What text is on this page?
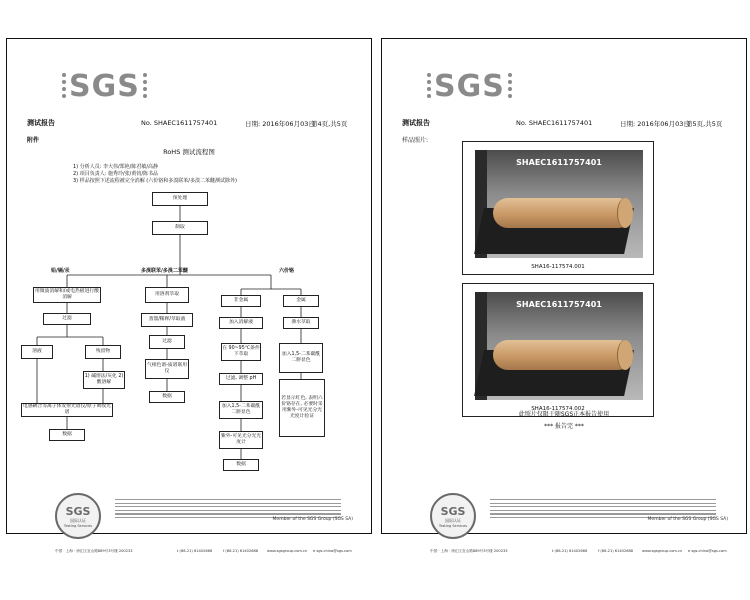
SGS
测试报告	No. SHAEC1611757401	日期: 2016年06月03日
第4页,共5页
附件
RoHS 测试流程图
1) 分析人员: 李大伟/郑艳/陈君敏/高静
2) 项目负责人: 施秀玲/张/黄钧/陈书品
3) 样品按照下述流程被完全消解 (六价铬和多溴联苯/多溴二苯醚测试除外)
预处理
制取
铅/镉/汞	多溴联苯/多溴二苯醚	六价铬
用微波消解和/或电热板进行酸消解
过滤
溶液	残留物
1) 碱熔法/灰化 2) 酸溶解
电感耦合等离子体发射光谱仪/原子吸收光谱
数据
用溶剂萃取
蒸馏/稀释/萃取液
过滤
气相色谱-质谱联用仪
数据
非金属	金属
加入消解液
在 90~95℃条件下萃取
过滤, 调整 pH
加入1,5-二苯碳酰二肼显色
紫外-可见光分光光度计
数据
沸水萃取
加入1,5-二苯碳酰二肼显色
若显示红色, 表明六价铬存在, 必要时采用紫外-可见光分光光度计验证
SGS
国际认证
Testing Services
Member of the SGS Group (SGS SA)
中国 · 上海 · 徐汇区宜山路889号3号楼 200233	t (86-21) 61402666	f (86-21) 61402688 www.sgsgroup.com.cn e sgs.china@sgs.com
SGS
测试报告	No. SHAEC1611757401	日期: 2016年06月03日
第5页,共5页
样品照片:
SHAEC1611757401
SHA16-117574.001
SHAEC1611757401
SHA16-117574.002
此照片仅限于随SGS正本报告使用
*** 报告完 ***
SGS
国际认证
Testing Services
Member of the SGS Group (SGS SA)
中国 · 上海 · 徐汇区宜山路889号3号楼 200233	t (86-21) 61402666	f (86-21) 61402688 www.sgsgroup.com.cn e sgs.china@sgs.com
